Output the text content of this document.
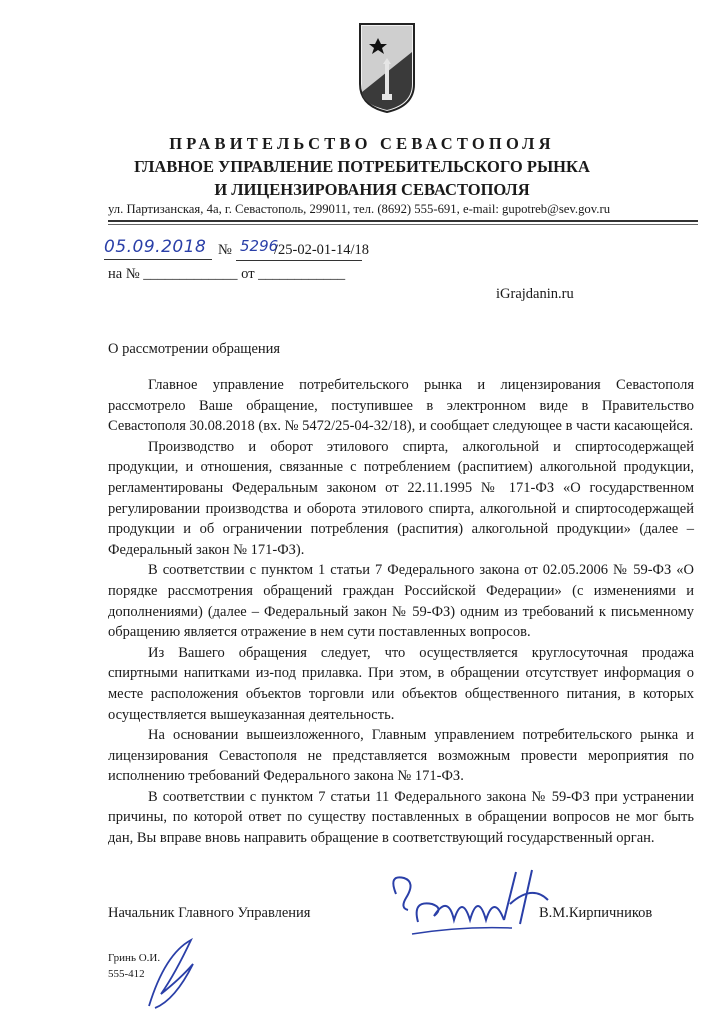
ПРАВИТЕЛЬСТВО СЕВАСТОПОЛЯ
ГЛАВНОЕ УПРАВЛЕНИЕ ПОТРЕБИТЕЛЬСКОГО РЫНКА
И ЛИЦЕНЗИРОВАНИЯ СЕВАСТОПОЛЯ
ул. Партизанская, 4а, г. Севастополь, 299011, тел. (8692) 555-691, e-mail: gupotreb@sev.gov.ru
05.09.2018 № 5296
/25-02-01-14/18
на № _____________ от ____________
iGrajdanin.ru
О рассмотрении обращения

Главное управление потребительского рынка и лицензирования Севастополя рассмотрело Ваше обращение, поступившее в электронном виде в Правительство Севастополя 30.08.2018 (вх. № 5472/25-04-32/18), и сообщает следующее в части касающейся.

Производство и оборот этилового спирта, алкогольной и спиртосодержащей продукции, и отношения, связанные с потреблением (распитием) алкогольной продукции, регламентированы Федеральным законом от 22.11.1995 № 171-ФЗ «О государственном регулировании производства и оборота этилового спирта, алкогольной и спиртосодержащей продукции и об ограничении потребления (распития) алкогольной продукции» (далее – Федеральный закон № 171-ФЗ).

В соответствии с пунктом 1 статьи 7 Федерального закона от 02.05.2006 № 59-ФЗ «О порядке рассмотрения обращений граждан Российской Федерации» (с изменениями и дополнениями) (далее – Федеральный закон № 59-ФЗ) одним из требований к письменному обращению является отражение в нем сути поставленных вопросов.

Из Вашего обращения следует, что осуществляется круглосуточная продажа спиртными напитками из-под прилавка. При этом, в обращении отсутствует информация о месте расположения объектов торговли или объектов общественного питания, в которых осуществляется вышеуказанная деятельность.

На основании вышеизложенного, Главным управлением потребительского рынка и лицензирования Севастополя не представляется возможным провести мероприятия по исполнению требований Федерального закона № 171-ФЗ.

В соответствии с пунктом 7 статьи 11 Федерального закона № 59-ФЗ при устранении причины, по которой ответ по существу поставленных в обращении вопросов не мог быть дан, Вы вправе вновь направить обращение в соответствующий государственный орган.

Начальник Главного Управления	В.М.Кирпичников
Гринь О.И.
555-412
